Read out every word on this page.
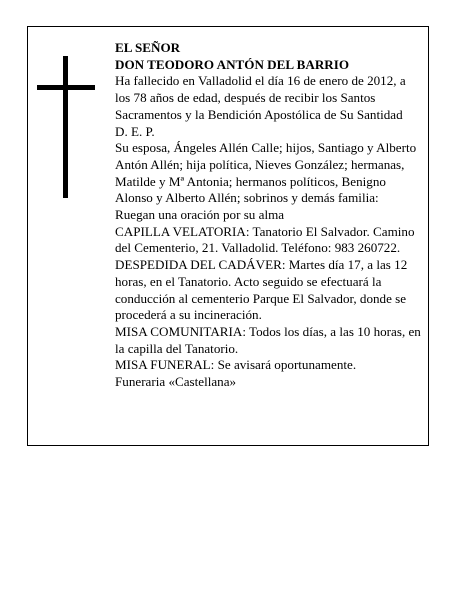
EL SEÑOR

DON TEODORO ANTÓN DEL BARRIO

Ha fallecido en Valladolid el día 16 de enero de 2012, a los 78 años de edad, después de recibir los Santos Sacramentos y la Bendición Apostólica de Su Santidad

D. E. P.

Su esposa, Ángeles Allén Calle; hijos, Santiago y Alberto Antón Allén; hija política, Nieves González; hermanas, Matilde y Mª Antonia; hermanos políticos, Benigno Alonso y Alberto Allén; sobrinos y demás familia:

Ruegan una oración por su alma

CAPILLA VELATORIA: Tanatorio El Salvador. Camino del Cementerio, 21. Valladolid. Teléfono: 983 260722.

DESPEDIDA DEL CADÁVER: Martes día 17, a las 12 horas, en el Tanatorio. Acto seguido se efectuará la conducción al cementerio Parque El Salvador, donde se procederá a su incineración.

MISA COMUNITARIA: Todos los días, a las 10 horas, en la capilla del Tanatorio.

MISA FUNERAL: Se avisará oportunamente.

Funeraria «Castellana»
